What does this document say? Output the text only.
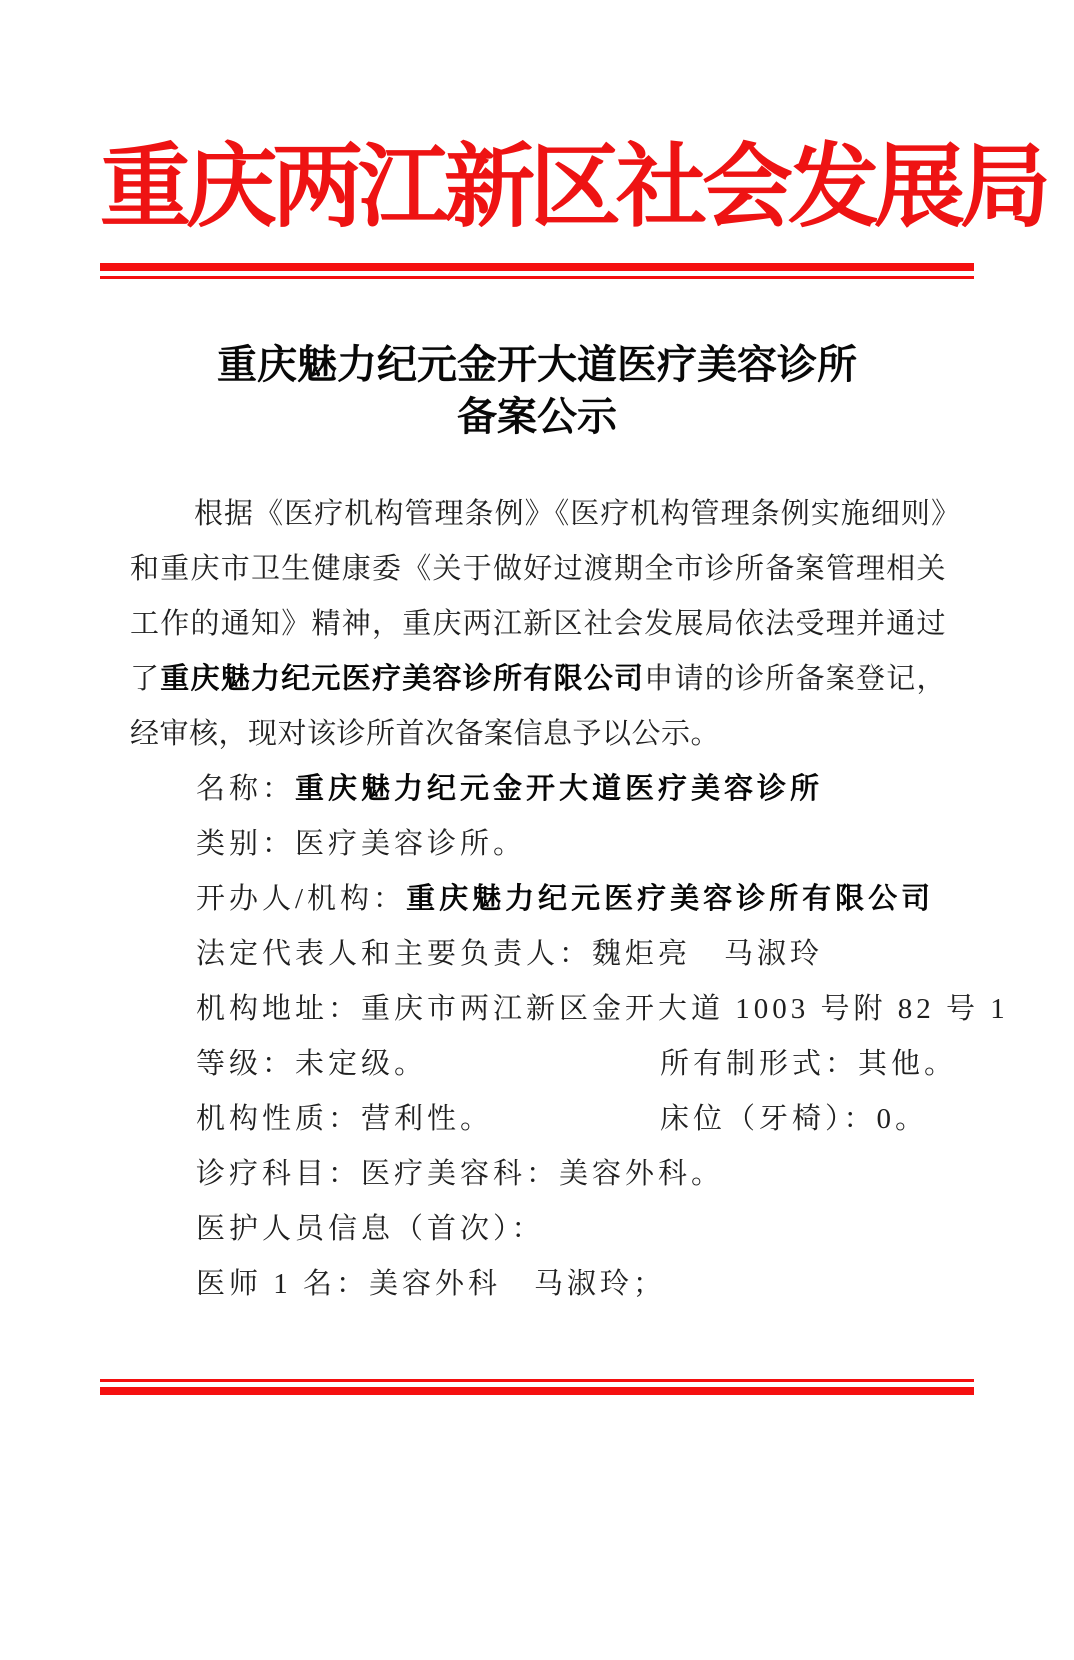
重庆两江新区社会发展局
重庆魅力纪元金开大道医疗美容诊所
备案公示

根据《医疗机构管理条例》《医疗机构管理条例实施细则》和重庆市卫生健康委《关于做好过渡期全市诊所备案管理相关工作的通知》精神，重庆两江新区社会发展局依法受理并通过了重庆魅力纪元医疗美容诊所有限公司申请的诊所备案登记，经审核，现对该诊所首次备案信息予以公示。

名称：重庆魅力纪元金开大道医疗美容诊所
类别：医疗美容诊所。
开办人/机构：重庆魅力纪元医疗美容诊所有限公司
法定代表人和主要负责人：魏炬亮　马淑玲
机构地址：重庆市两江新区金开大道 1003 号附 82 号 1
等级：未定级。	所有制形式：其他。
机构性质：营利性。	床位（牙椅）：0。
诊疗科目：医疗美容科：美容外科。
医护人员信息（首次）：
医师 1 名：美容外科　马淑玲；
